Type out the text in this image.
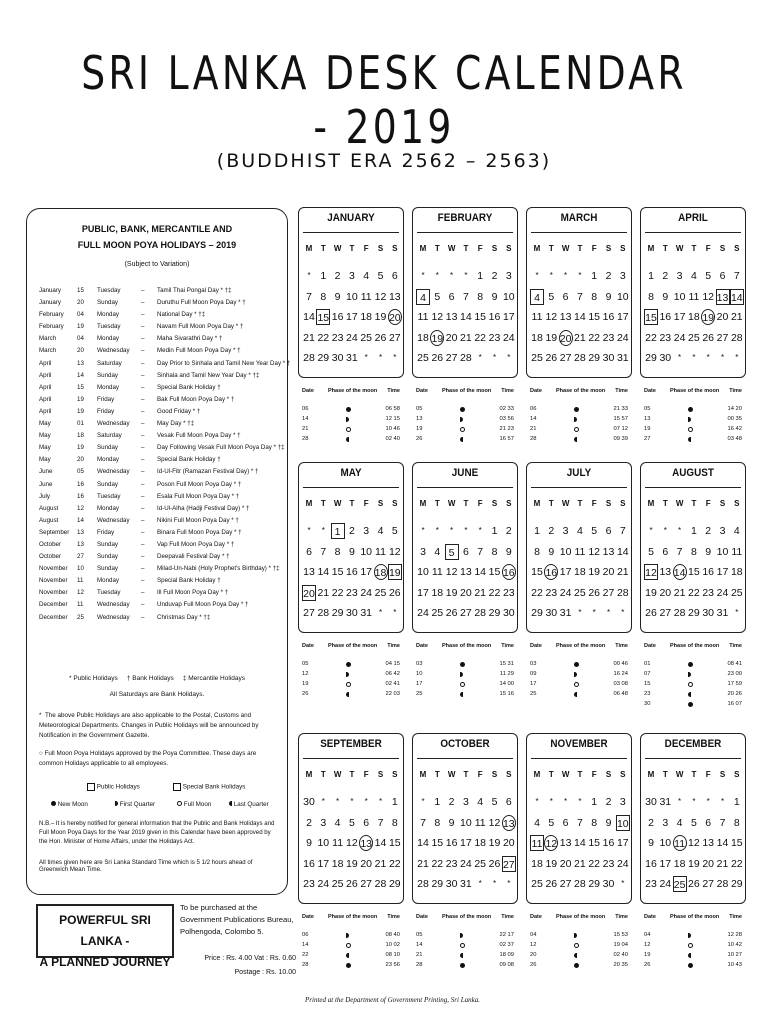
SRI LANKA DESK CALENDAR - 2019
(BUDDHIST ERA 2562 – 2563)
PUBLIC, BANK, MERCANTILE AND
FULL MOON POYA HOLIDAYS – 2019
(Subject to Variation)
January	15 Tuesday	– Tamil Thai Pongal Day * †‡
January	20 Sunday	– Duruthu Full Moon Poya Day * †
February 04 Monday	– National Day * †‡
February 19 Tuesday	– Navam Full Moon Poya Day * †
March	04 Monday	– Maha Sivarathri Day * †
March	20 Wednesday – Medin Full Moon Poya Day * †
April	13 Saturday	– Day Prior to Sinhala and Tamil New Year Day * †
April	14 Sunday	– Sinhala and Tamil New Year Day * †‡
April	15 Monday	– Special Bank Holiday †
April	19 Friday	– Bak Full Moon Poya Day * †
April	19 Friday	– Good Friday * †
May	01 Wednesday – May Day * †‡
May	18 Saturday	– Vesak Full Moon Poya Day * †
May	19 Sunday	– Day Following Vesak Full Moon Poya Day * †‡
May	20 Monday	– Special Bank Holiday †
June	05 Wednesday – Id-Ul-Fitr (Ramazan Festival Day) * †
June	16 Sunday	– Poson Full Moon Poya Day * †
July	16 Tuesday	– Esala Full Moon Poya Day * †
August	12 Monday	– Id-Ul-Alha (Hadji Festival Day) * †
August	14 Wednesday – Nikini Full Moon Poya Day * †
September 13 Friday	– Binara Full Moon Poya Day * †
October	13 Sunday	– Vap Full Moon Poya Day * †
October	27 Sunday	– Deepavali Festival Day * †
November 10 Sunday	– Milad-Un-Nabi (Holy Prophet's Birthday) * †‡
November 11 Monday	– Special Bank Holiday †
November 12 Tuesday	– Ill Full Moon Poya Day * †
December 11 Wednesday – Unduvap Full Moon Poya Day * †
December 25 Wednesday – Christmas Day * †‡
* Public Holidays † Bank Holidays ‡ Mercantile Holidays
All Saturdays are Bank Holidays.
*  The above Public Holidays are also applicable to the Postal, Customs and Meteorological Departments. Changes in Public Holidays will be announced by Notification in the Government Gazette.
○ Full Moon Poya Holidays approved by the Poya Committee. These days are common Holidays applicable to all employees.
Public Holidays	Special Bank Holidays
New Moon	First Quarter	Full Moon	Last Quarter
N.B.– It is hereby notified for general information that the Public and Bank Holidays and Full Moon Poya Days for the Year 2019 given in this Calendar have been approved by the Hon. Minister of Home Affairs, under the Holidays Act.
All times given here are Sri Lanka Standard Time which is 5 1/2 hours ahead of Greenwich Mean Time.
POWERFUL SRI LANKA -
A PLANNED JOURNEY
To be purchased at the Government Publications Bureau, Polhengoda, Colombo 5.
Price : Rs. 4.00 Vat : Rs. 0.60
Postage : Rs. 10.00
Printed at the Department of Government Printing, Sri Lanka.
JANUARY
M	T	W	T	F	S	S
* 1 2 3 4 5 6
7 8 9 10 11 12 13
14 15 16 17 18 19 20
21 22 23 24 25 26 27
28 29 30 31 *	*	*
Date	Phase of the moon Time
06	06 58
14	12 15
21	10 46
28	02 40
FEBRUARY
M	T	W	T	F	S	S
*	*	*	* 1 2 3
4 5 6 7 8 9 10
11 12 13 14 15 16 17
18 19 20 21 22 23 24
25 26 27 28 *	*	*
Date	Phase of the moon Time
05	02 33
13	03 56
19	21 23
26	16 57
MARCH
M	T	W	T	F	S	S
*	*	*	* 1 2 3
4 5 6 7 8 9 10
11 12 13 14 15 16 17
18 19 20 21 22 23 24
25 26 27 28 29 30 31
Date	Phase of the moon Time
06	21 33
14	15 57
21	07 12
28	09 39
APRIL
M	T	W	T	F	S	S
1 2 3 4 5 6 7
8 9 10 11 12 13 14
15 16 17 18 19 20 21
22 23 24 25 26 27 28
29 30 *	*	*	*	*
Date	Phase of the moon Time
05	14 20
13	00 35
19	16 42
27	03 48
MAY
M	T	W	T	F	S	S
*	* 1 2 3 4 5
6 7 8 9 10 11 12
13 14 15 16 17 18 19
20 21 22 23 24 25 26
27 28 29 30 31 *	*
Date	Phase of the moon Time
05	04 15
12	06 42
19	02 41
26	22 03
JUNE
M	T	W	T	F	S	S
*	*	*	*	* 1 2
3 4 5 6 7 8 9
10 11 12 13 14 15 16
17 18 19 20 21 22 23
24 25 26 27 28 29 30
Date	Phase of the moon Time
03	15 31
10	11 29
17	14 00
25	15 16
JULY
M	T	W	T	F	S	S
1 2 3 4 5 6 7
8 9 10 11 12 13 14
15 16 17 18 19 20 21
22 23 24 25 26 27 28
29 30 31 *	*	*	*
Date	Phase of the moon Time
03	00 46
09	16 24
17	03 08
25	06 48
AUGUST
M	T	W	T	F	S	S
*	*	* 1 2 3 4
5 6 7 8 9 10 11
12 13 14 15 16 17 18
19 20 21 22 23 24 25
26 27 28 29 30 31 *
Date	Phase of the moon Time
01	08 41
07	23 00
15	17 59
23	20 26
30	16 07
SEPTEMBER
M	T	W	T	F	S	S
30 *	*	*	*	* 1
2 3 4 5 6 7 8
9 10 11 12 13 14 15
16 17 18 19 20 21 22
23 24 25 26 27 28 29
Date	Phase of the moon Time
06	08 40
14	10 02
22	08 10
28	23 56
OCTOBER
M	T	W	T	F	S	S
* 1 2 3 4 5 6
7 8 9 10 11 12 13
14 15 16 17 18 19 20
21 22 23 24 25 26 27
28 29 30 31 *	*	*
Date	Phase of the moon Time
05	22 17
14	02 37
21	18 09
28	09 08
NOVEMBER
M	T	W	T	F	S	S
*	*	*	* 1 2 3
4 5 6 7 8 9 10
11 12 13 14 15 16 17
18 19 20 21 22 23 24
25 26 27 28 29 30 *
Date	Phase of the moon Time
04	15 53
12	19 04
20	02 40
26	20 35
DECEMBER
M	T	W	T	F	S	S
30 31 *	*	*	* 1
2 3 4 5 6 7 8
9 10 11 12 13 14 15
16 17 18 19 20 21 22
23 24 25 26 27 28 29
Date	Phase of the moon Time
04	12 28
12	10 42
19	10 27
26	10 43
